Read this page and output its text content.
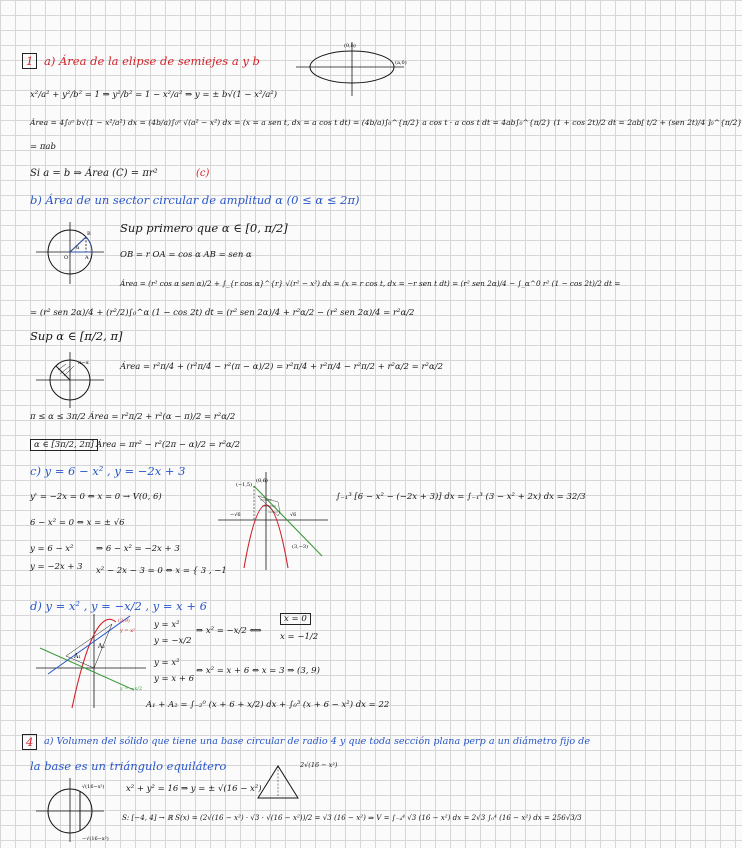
1 a) Área de la elipse de semiejes a y b
(0,b)
(a,0)
x²/a² + y²/b² = 1 ⇒ y²/b² = 1 − x²/a² ⇒ y = ± b√(1 − x²/a²)
Área = 4∫₀ᵃ b√(1 − x²/a²) dx = (4b/a)∫₀ᵃ √(a² − x²) dx = (x = a sen t, dx = a cos t dt) = (4b/a)∫₀^{π/2} a cos t · a cos t dt = 4ab∫₀^{π/2} (1 + cos 2t)/2 dt = 2ab[ t/2 + (sen 2t)/4 ]₀^{π/2}
= πab
Si a = b ⇒ Área (C) = πr²	(c)
b) Área de un sector circular de amplitud α (0 ≤ α ≤ 2π)
Sup primero que α ∈ [0, π/2]
B
A
O
α
OB = r OA = cos α AB = sen α
Área = (r² cos α sen α)/2 + ∫_{r cos α}^{r} √(r² − x²) dx = (x = r cos t, dx = −r sen t dt) = (r² sen 2α)/4 − ∫_α^0 r² (1 − cos 2t)/2 dt =
= (r² sen 2α)/4 + (r²/2)∫₀^α (1 − cos 2t) dt = (r² sen 2α)/4 + r²α/2 − (r² sen 2α)/4 = r²α/2
Sup α ∈ [π/2, π]
π−α	Área = r²π/4 + (r²π/4 − r²(π − α)/2) = r²π/4 + r²π/4 − r²π/2 + r²α/2 = r²α/2
π ≤ α ≤ 3π/2 Área = r²π/2 + r²(α − π)/2 = r²α/2
α ∈ [3π/2, 2π] Área = πr² − r²(2π − α)/2 = r²α/2
c) y = 6 − x² , y = −2x + 3
y' = −2x = 0 ⇔ x = 0 → V(0, 6)
6 − x² = 0 ⇔ x = ± √6
y = 6 − x²
y = −2x + 3
⇒ 6 − x² = −2x + 3
x² − 2x − 3 = 0 ⇔ x = { 3 , −1
(0,6)
−√6	√6
(3,−3)
(−1,5)
∫₋₁³ [6 − x² − (−2x + 3)] dx = ∫₋₁³ (3 − x² + 2x) dx = 32/3
d) y = x² , y = −x/2 , y = x + 6
A₁
A₂
(3,9)
y = x²
y = −x/2
y = x²
y = −x/2
⇒ x² = −x/2 ⟺
x = 0
x = −1/2
y = x²
y = x + 6
⇔ x² = x + 6 ⇔ x = 3 ⇒ (3, 9)
A₁ + A₂ = ∫₋₂⁰ (x + 6 + x/2) dx + ∫₀³ (x + 6 − x²) dx = 22
4	a) Volumen del sólido que tiene una base circular de radio 4 y que toda sección plana perp a un diámetro fijo de
la base es un triángulo equilátero	2√(16 − x²)
√(16−x²)
−√(16−x²)
x² + y² = 16 ⇒ y = ± √(16 − x²)
S: [−4, 4] → ℝ S(x) = (2√(16 − x²) · √3 · √(16 − x²))/2 = √3 (16 − x²) ⇒ V = ∫₋₄⁴ √3 (16 − x²) dx = 2√3 ∫₀⁴ (16 − x²) dx = 256√3/3
